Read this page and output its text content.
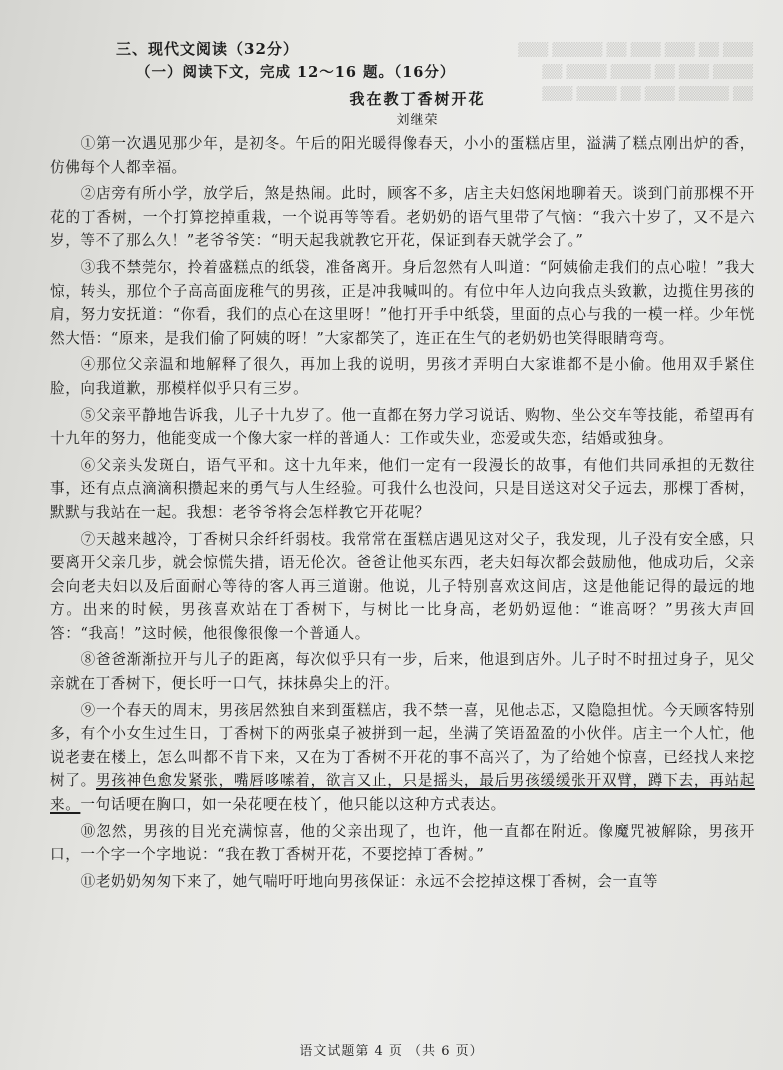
▒▒▒ ▒▒ ▒▒▒ ▒▒▒ ▒▒ ▒▒▒▒▒ ▒▒▒
▒▒▒▒ ▒▒▒ ▒▒ ▒▒▒▒ ▒▒▒▒ ▒▒
▒▒ ▒▒▒▒▒ ▒▒▒ ▒▒ ▒▒▒▒ ▒▒▒
三、现代文阅读（32分）
（一）阅读下文，完成 12～16 题。（16分）
我在教丁香树开花
刘继荣

①第一次遇见那少年，是初冬。午后的阳光暖得像春天，小小的蛋糕店里，溢满了糕点刚出炉的香，仿佛每个人都幸福。

②店旁有所小学，放学后，煞是热闹。此时，顾客不多，店主夫妇悠闲地聊着天。谈到门前那棵不开花的丁香树，一个打算挖掉重栽，一个说再等等看。老奶奶的语气里带了气恼：“我六十岁了，又不是六岁，等不了那么久！”老爷爷笑：“明天起我就教它开花，保证到春天就学会了。”

③我不禁莞尔，拎着盛糕点的纸袋，准备离开。身后忽然有人叫道：“阿姨偷走我们的点心啦！”我大惊，转头，那位个子高高面庞稚气的男孩，正是冲我喊叫的。有位中年人边向我点头致歉，边揽住男孩的肩，努力安抚道：“你看，我们的点心在这里呀！”他打开手中纸袋，里面的点心与我的一模一样。少年恍然大悟：“原来，是我们偷了阿姨的呀！”大家都笑了，连正在生气的老奶奶也笑得眼睛弯弯。

④那位父亲温和地解释了很久，再加上我的说明，男孩才弄明白大家谁都不是小偷。他用双手紧住脸，向我道歉，那模样似乎只有三岁。

⑤父亲平静地告诉我，儿子十九岁了。他一直都在努力学习说话、购物、坐公交车等技能，希望再有十九年的努力，他能变成一个像大家一样的普通人：工作或失业，恋爱或失恋，结婚或独身。

⑥父亲头发斑白，语气平和。这十九年来，他们一定有一段漫长的故事，有他们共同承担的无数往事，还有点点滴滴积攒起来的勇气与人生经验。可我什么也没问，只是目送这对父子远去，那棵丁香树，默默与我站在一起。我想：老爷爷将会怎样教它开花呢？

⑦天越来越冷，丁香树只余纤纤弱枝。我常常在蛋糕店遇见这对父子，我发现，儿子没有安全感，只要离开父亲几步，就会惊慌失措，语无伦次。爸爸让他买东西，老夫妇每次都会鼓励他，他成功后，父亲会向老夫妇以及后面耐心等待的客人再三道谢。他说，儿子特别喜欢这间店，这是他能记得的最远的地方。出来的时候，男孩喜欢站在丁香树下，与树比一比身高，老奶奶逗他：“谁高呀？”男孩大声回答：“我高！”这时候，他很像很像一个普通人。

⑧爸爸渐渐拉开与儿子的距离，每次似乎只有一步，后来，他退到店外。儿子时不时扭过身子，见父亲就在丁香树下，便长吁一口气，抹抹鼻尖上的汗。

⑨一个春天的周末，男孩居然独自来到蛋糕店，我不禁一喜，见他忐忑，又隐隐担忧。今天顾客特别多，有个小女生过生日，丁香树下的两张桌子被拼到一起，坐满了笑语盈盈的小伙伴。店主一个人忙，他说老妻在楼上，怎么叫都不肯下来，又在为丁香树不开花的事不高兴了，为了给她个惊喜，已经找人来挖树了。男孩神色愈发紧张，嘴唇哆嗦着，欲言又止，只是摇头，最后男孩缓缓张开双臂，蹲下去，再站起来。一句话哽在胸口，如一朵花哽在枝丫，他只能以这种方式表达。

⑩忽然，男孩的目光充满惊喜，他的父亲出现了，也许，他一直都在附近。像魔咒被解除，男孩开口，一个字一个字地说：“我在教丁香树开花，不要挖掉丁香树。”

⑪老奶奶匆匆下来了，她气喘吁吁地向男孩保证：永远不会挖掉这棵丁香树，会一直等

语文试题第 4 页 （共 6 页）
